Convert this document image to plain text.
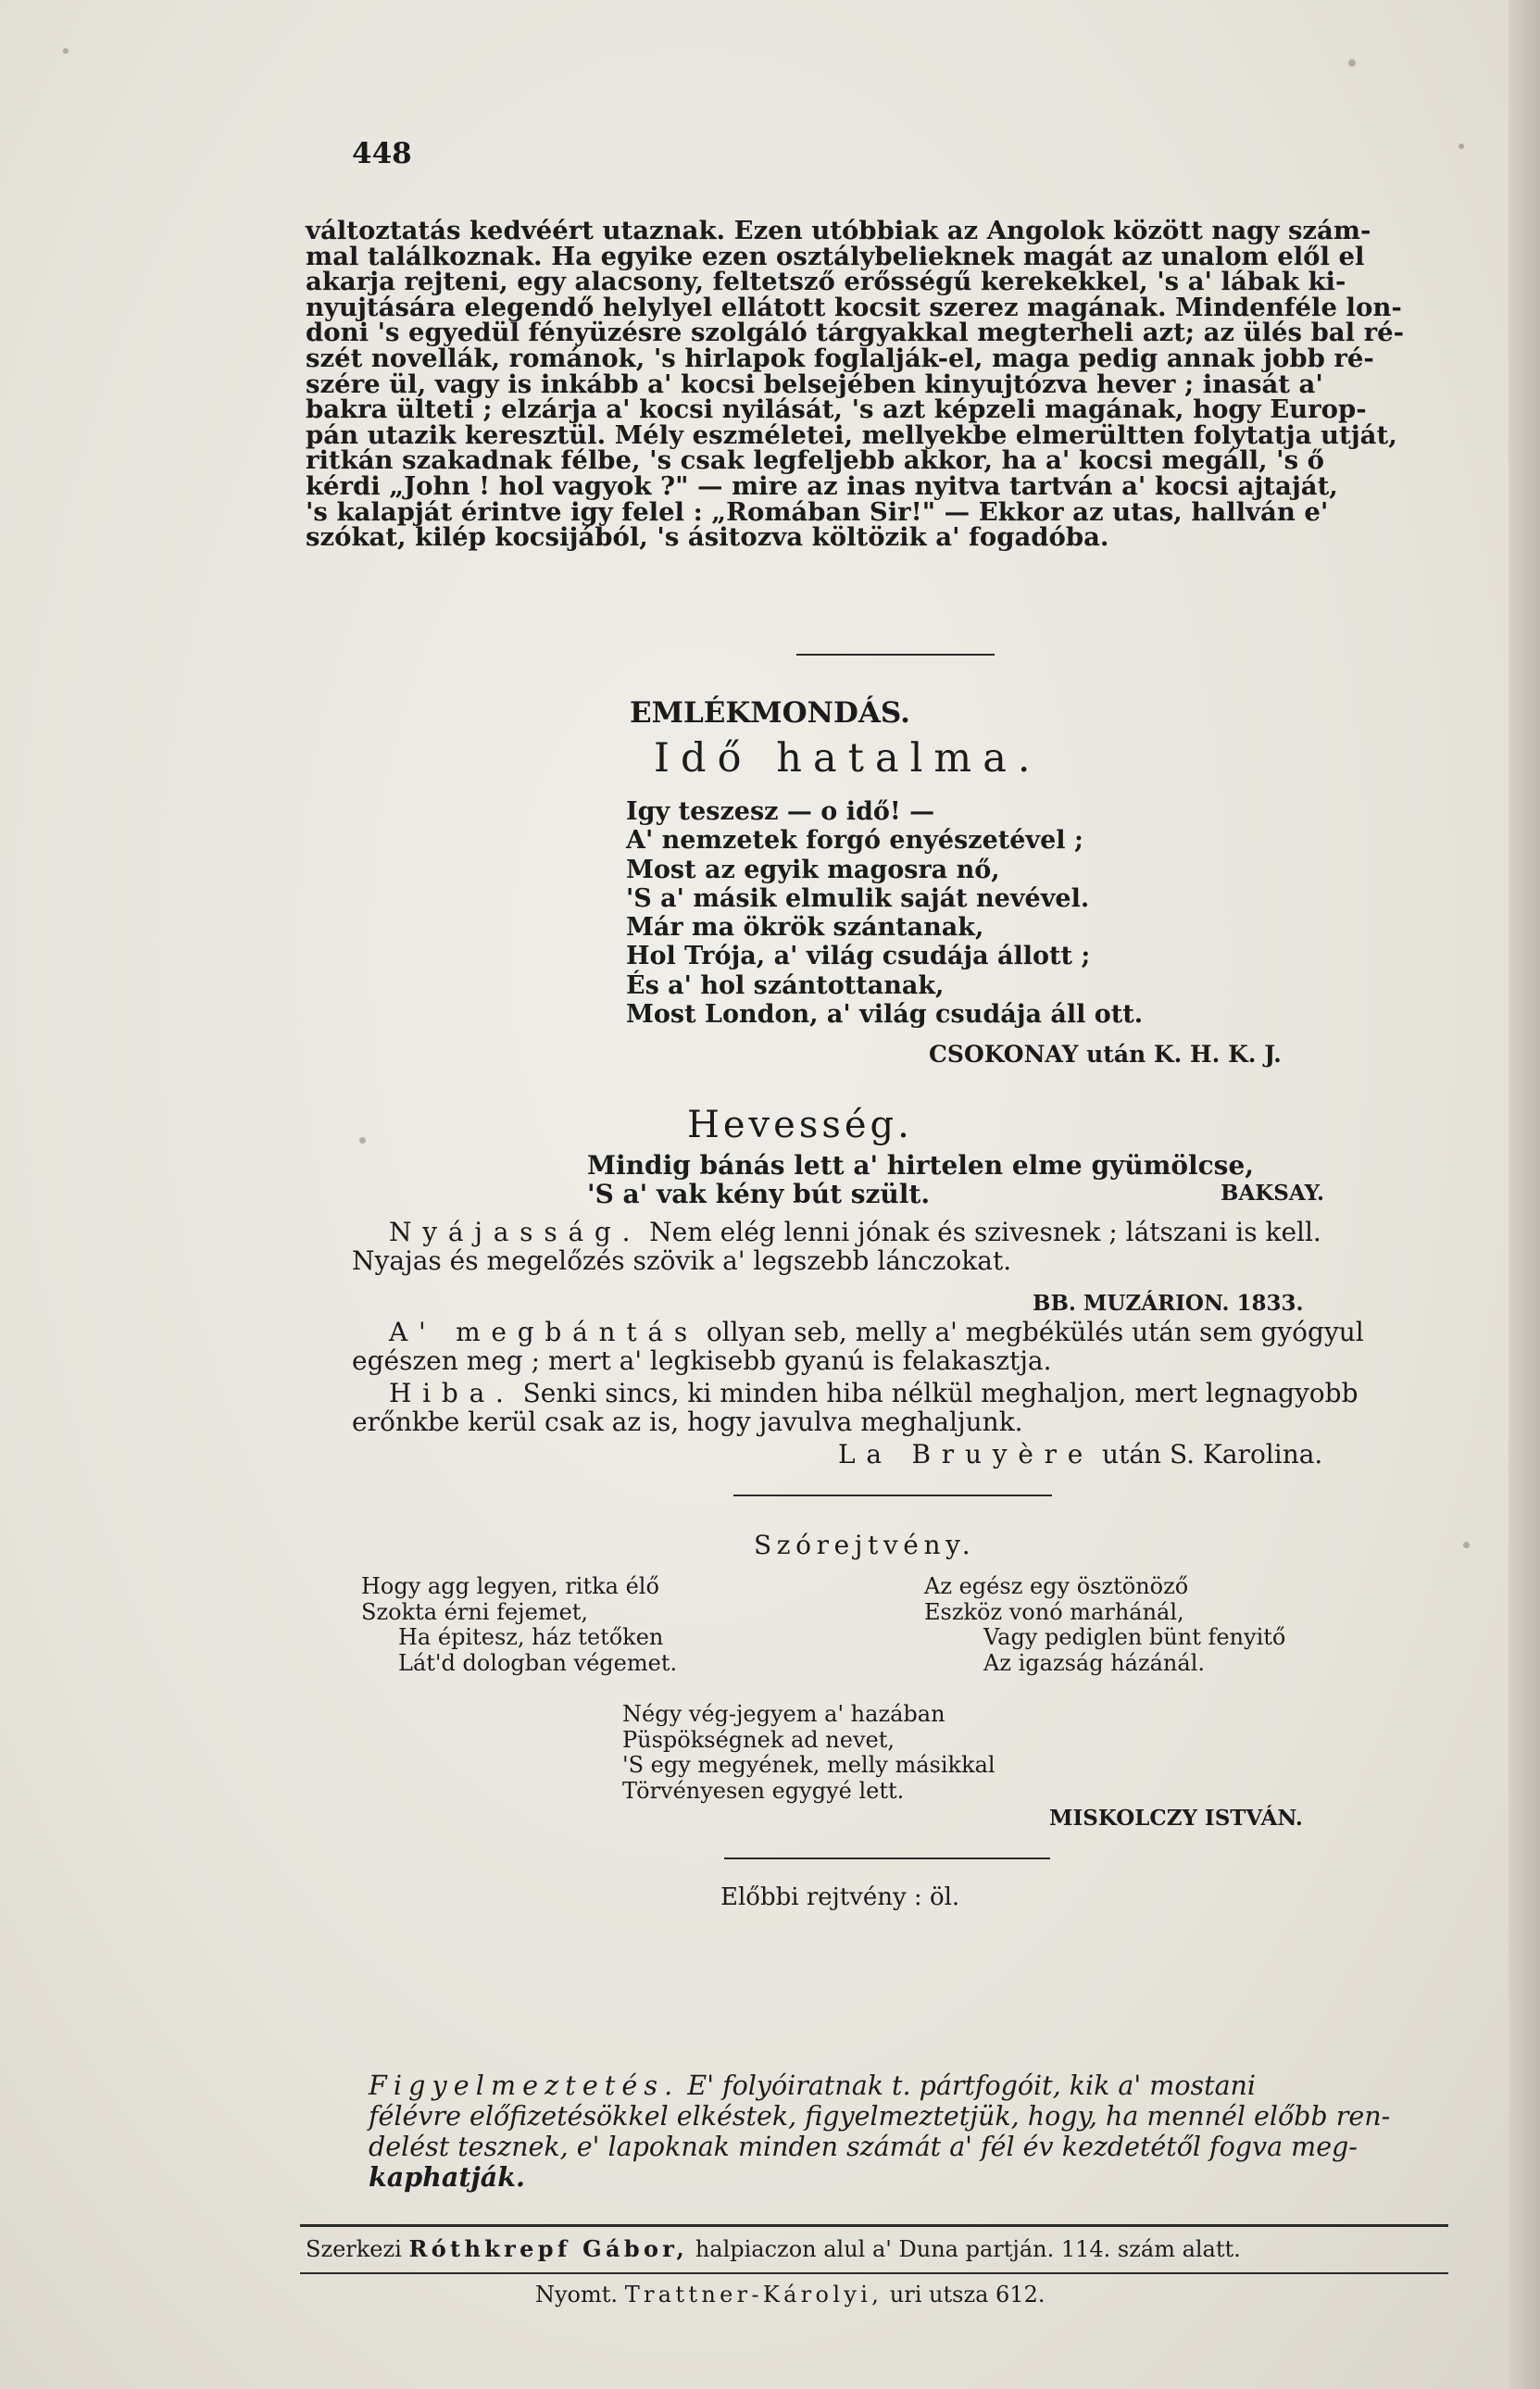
448
változtatás kedvéért utaznak. Ezen utóbbiak az Angolok között nagy szám-
mal találkoznak. Ha egyike ezen osztálybelieknek magát az unalom elől el
akarja rejteni, egy alacsony, feltetsző erősségű kerekekkel, 's a' lábak ki-
nyujtására elegendő helylyel ellátott kocsit szerez magának. Mindenféle lon-
doni 's egyedül fényüzésre szolgáló tárgyakkal megterheli azt; az ülés bal ré-
szét novellák, románok, 's hirlapok foglalják-el, maga pedig annak jobb ré-
szére ül, vagy is inkább a' kocsi belsejében kinyujtózva hever ; inasát a'
bakra ülteti ; elzárja a' kocsi nyilását, 's azt képzeli magának, hogy Europ-
pán utazik keresztül. Mély eszméletei, mellyekbe elmerültten folytatja utját,
ritkán szakadnak félbe, 's csak legfeljebb akkor, ha a' kocsi megáll, 's ő
kérdi „John ! hol vagyok ?" — mire az inas nyitva tartván a' kocsi ajtaját,
's kalapját érintve igy felel : „Romában Sir!" — Ekkor az utas, hallván e'
szókat, kilép kocsijából, 's ásitozva költözik a' fogadóba.
EMLÉKMONDÁS.
Idő hatalma.
Igy teszesz — o idő! —
A' nemzetek forgó enyészetével ;
Most az egyik magosra nő,
'S a' másik elmulik saját nevével.
Már ma ökrök szántanak,
Hol Trója, a' világ csudája állott ;
És a' hol szántottanak,
Most London, a' világ csudája áll ott.
CSOKONAY után K. H. K. J.
Hevesség.
Mindig bánás lett a' hirtelen elme gyümölcse,
'S a' vak kény bút szült.	BAKSAY.
Nyájasság. Nem elég lenni jónak és szivesnek ; látszani is kell.
Nyajas és megelőzés szövik a' legszebb lánczokat.
BB. MUZÁRION. 1833.
A' megbántás ollyan seb, melly a' megbékülés után sem gyógyul
egészen meg ; mert a' legkisebb gyanú is felakasztja.
Hiba. Senki sincs, ki minden hiba nélkül meghaljon, mert legnagyobb
erőnkbe kerül csak az is, hogy javulva meghaljunk.
La Bruyère után S. Karolina.
Szórejtvény.
Hogy agg legyen, ritka élő
Szokta érni fejemet,
Ha épitesz, ház tetőken
Lát'd dologban végemet.
Az egész egy ösztönöző
Eszköz vonó marhánál,
Vagy pediglen bünt fenyitő
Az igazság házánál.
Négy vég-jegyem a' hazában
Püspökségnek ad nevet,
'S egy megyének, melly másikkal
Törvényesen egygyé lett.
MISKOLCZY ISTVÁN.
Előbbi rejtvény : öl.
Figyelmeztetés. E' folyóiratnak t. pártfogóit, kik a' mostani
félévre előfizetésökkel elkéstek, figyelmeztetjük, hogy, ha mennél előbb ren-
delést tesznek, e' lapoknak minden számát a' fél év kezdetétől fogva meg-
kaphatják.
Szerkezi Róthkrepf Gábor, halpiaczon alul a' Duna partján. 114. szám alatt.
Nyomt. Trattner-Károlyi, uri utsza 612.
